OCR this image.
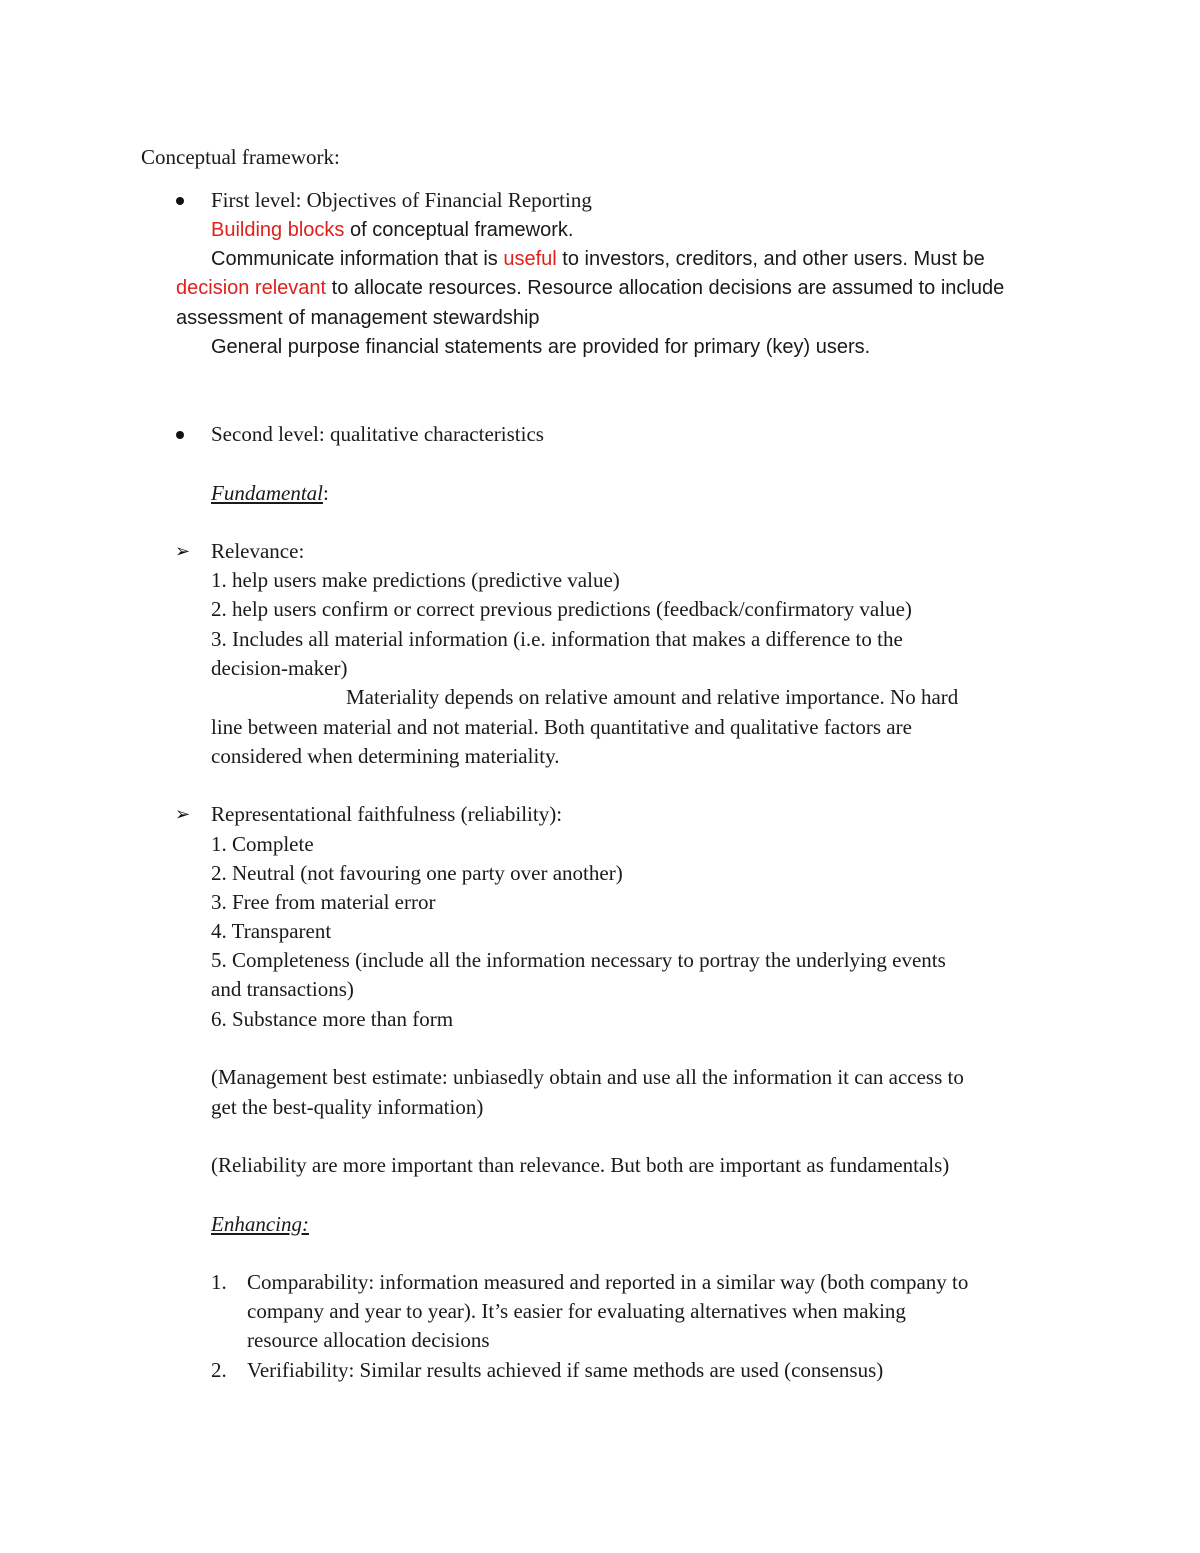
Conceptual framework:

First level: Objectives of Financial Reporting

Building blocks of conceptual framework.

Communicate information that is useful to investors, creditors, and other users. Must be

decision relevant to allocate resources. Resource allocation decisions are assumed to include

assessment of management stewardship

General purpose financial statements are provided for primary (key) users.

Second level: qualitative characteristics

Fundamental:

➢ Relevance:

1. help users make predictions (predictive value)

2. help users confirm or correct previous predictions (feedback/confirmatory value)

3. Includes all material information (i.e. information that makes a difference to the

decision-maker)

Materiality depends on relative amount and relative importance. No hard

line between material and not material. Both quantitative and qualitative factors are

considered when determining materiality.

➢ Representational faithfulness (reliability):

1. Complete

2. Neutral (not favouring one party over another)

3. Free from material error

4. Transparent

5. Completeness (include all the information necessary to portray the underlying events

and transactions)

6. Substance more than form

(Management best estimate: unbiasedly obtain and use all the information it can access to

get the best-quality information)

(Reliability are more important than relevance. But both are important as fundamentals)

Enhancing:

1. Comparability: information measured and reported in a similar way (both company to

company and year to year). It’s easier for evaluating alternatives when making

resource allocation decisions

2. Verifiability: Similar results achieved if same methods are used (consensus)
